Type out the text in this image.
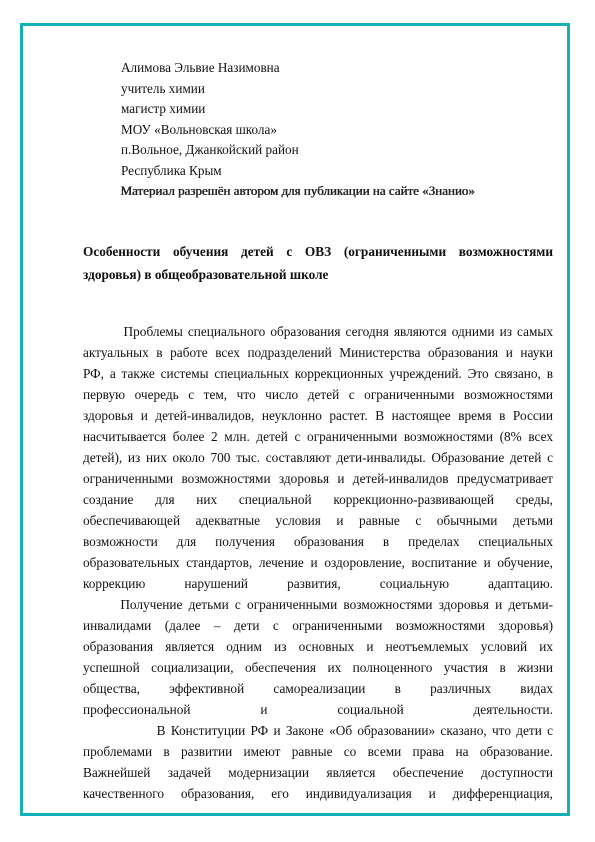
Алимова Эльвие Назимовна
учитель химии
магистр химии
МОУ «Вольновская школа»
п.Вольное, Джанкойский район
Республика Крым
Материал разрешён автором для публикации на сайте «Знанио»
Особенности обучения детей с ОВЗ (ограниченными возможностями
здоровья) в общеобразовательной школе
Проблемы специального образования сегодня являются одними из самых
актуальных в работе всех подразделений Министерства образования и науки
РФ, а также системы специальных коррекционных учреждений. Это связано, в
первую очередь с тем, что число детей с ограниченными возможностями
здоровья и детей-инвалидов, неуклонно растет. В настоящее время в России
насчитывается более 2 млн. детей с ограниченными возможностями (8% всех
детей), из них около 700 тыс. составляют дети-инвалиды. Образование детей с
ограниченными возможностями здоровья и детей-инвалидов предусматривает
создание для них специальной коррекционно-развивающей среды,
обеспечивающей адекватные условия и равные с обычными детьми
возможности для получения образования в пределах специальных
образовательных стандартов, лечение и оздоровление, воспитание и обучение,
коррекцию нарушений развития, социальную адаптацию.
Получение детьми с ограниченными возможностями здоровья и детьми-
инвалидами (далее – дети с ограниченными возможностями здоровья)
образования является одним из основных и неотъемлемых условий их
успешной социализации, обеспечения их полноценного участия в жизни
общества, эффективной самореализации в различных видах
профессиональной и социальной деятельности.
В Конституции РФ и Законе «Об образовании» сказано, что дети с
проблемами в развитии имеют равные со всеми права на образование.
Важнейшей задачей модернизации является обеспечение доступности
качественного образования, его индивидуализация и дифференциация,
